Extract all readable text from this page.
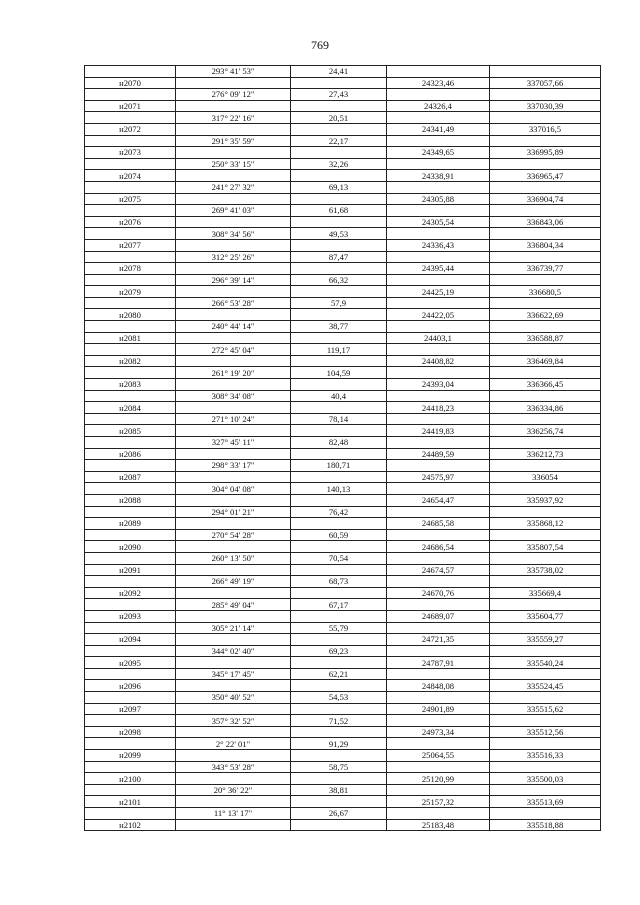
769
	293° 41' 53"	24,41		
н2070			24323,46	337057,66
	276° 09' 12"	27,43		
н2071			24326,4	337030,39
	317° 22' 16"	20,51		
н2072			24341,49	337016,5
	291° 35' 59"	22,17		
н2073			24349,65	336995,89
	250° 33' 15"	32,26		
н2074			24338,91	336965,47
	241° 27' 32"	69,13		
н2075			24305,88	336904,74
	269° 41' 03"	61,68		
н2076			24305,54	336843,06
	308° 34' 56"	49,53		
н2077			24336,43	336804,34
	312° 25' 26"	87,47		
н2078			24395,44	336739,77
	296° 39' 14"	66,32		
н2079			24425,19	336680,5
	266° 53' 28"	57,9		
н2080			24422,05	336622,69
	240° 44' 14"	38,77		
н2081			24403,1	336588,87
	272° 45' 04"	119,17		
н2082			24408,82	336469,84
	261° 19' 20"	104,59		
н2083			24393,04	336366,45
	308° 34' 08"	40,4		
н2084			24418,23	336334,86
	271° 10' 24"	78,14		
н2085			24419,83	336256,74
	327° 45' 11"	82,48		
н2086			24489,59	336212,73
	298° 33' 17"	180,71		
н2087			24575,97	336054
	304° 04' 08"	140,13		
н2088			24654,47	335937,92
	294° 01' 21"	76,42		
н2089			24685,58	335868,12
	270° 54' 28"	60,59		
н2090			24686,54	335807,54
	260° 13' 50"	70,54		
н2091			24674,57	335738,02
	266° 49' 19"	68,73		
н2092			24670,76	335669,4
	285° 49' 04"	67,17		
н2093			24689,07	335604,77
	305° 21' 14"	55,79		
н2094			24721,35	335559,27
	344° 02' 40"	69,23		
н2095			24787,91	335540,24
	345° 17' 45"	62,21		
н2096			24848,08	335524,45
	350° 40' 52"	54,53		
н2097			24901,89	335515,62
	357° 32' 52"	71,52		
н2098			24973,34	335512,56
	2° 22' 01"	91,29		
н2099			25064,55	335516,33
	343° 53' 28"	58,75		
н2100			25120,99	335500,03
	20° 36' 22"	38,81		
н2101			25157,32	335513,69
	11° 13' 17"	26,67		
н2102			25183,48	335518,88
